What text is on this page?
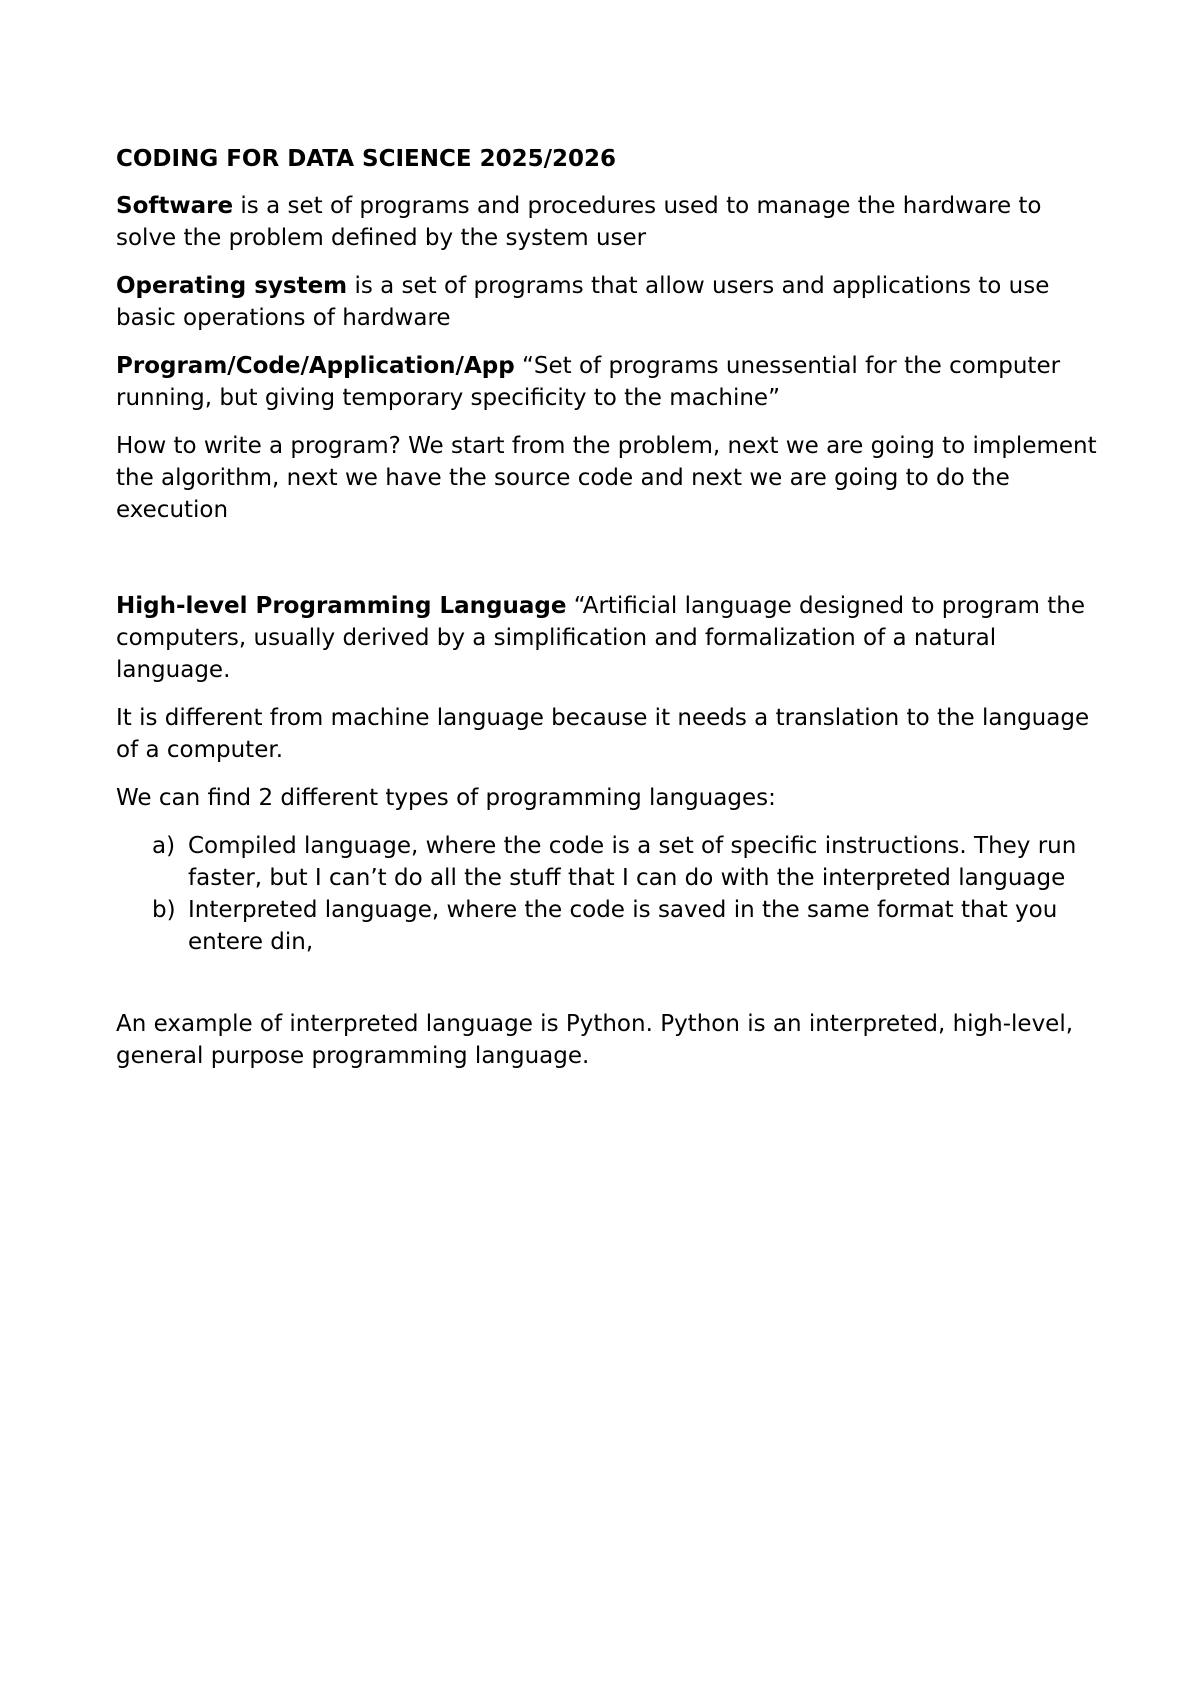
CODING FOR DATA SCIENCE 2025/2026

Software is a set of programs and procedures used to manage the hardware to solve the problem defined by the system user

Operating system is a set of programs that allow users and applications to use basic operations of hardware

Program/Code/Application/App “Set of programs unessential for the computer running, but giving temporary specificity to the machine”

How to write a program? We start from the problem, next we are going to implement the algorithm, next we have the source code and next we are going to do the execution

High-level Programming Language “Artificial language designed to program the computers, usually derived by a simplification and formalization of a natural language.

It is different from machine language because it needs a translation to the language of a computer.

We can find 2 different types of programming languages:

a) Compiled language, where the code is a set of specific instructions. They run faster, but I can’t do all the stuff that I can do with the interpreted language
b) Interpreted language, where the code is saved in the same format that you entere din,

An example of interpreted language is Python. Python is an interpreted, high-level, general purpose programming language.
